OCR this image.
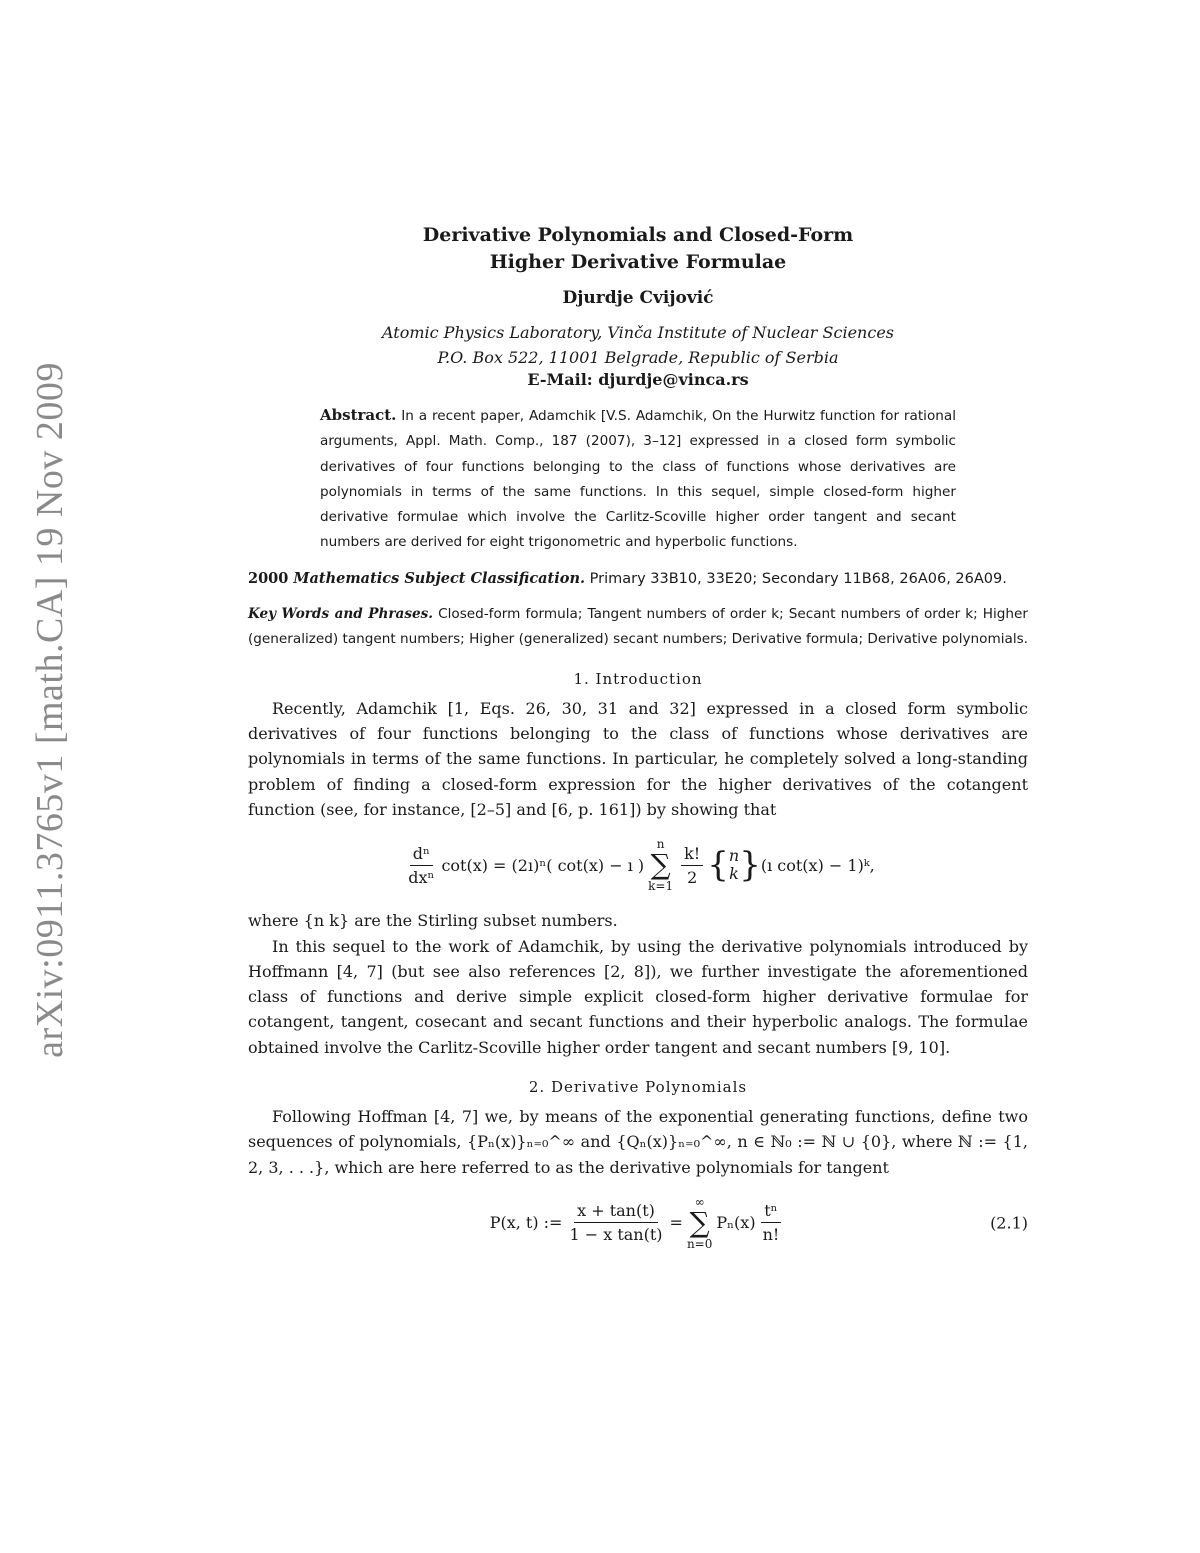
arXiv:0911.3765v1 [math.CA] 19 Nov 2009

Derivative Polynomials and Closed-Form

Higher Derivative Formulae

Djurdje Cvijović
Atomic Physics Laboratory, Vinča Institute of Nuclear Sciences
P.O. Box 522, 11001 Belgrade, Republic of Serbia
E-Mail: djurdje@vinca.rs
Abstract. In a recent paper, Adamchik [V.S. Adamchik, On the Hurwitz function for rational arguments, Appl. Math. Comp., 187 (2007), 3–12] expressed in a closed form symbolic derivatives of four functions belonging to the class of functions whose derivatives are polynomials in terms of the same functions. In this sequel, simple closed-form higher derivative formulae which involve the Carlitz-Scoville higher order tangent and secant numbers are derived for eight trigonometric and hyperbolic functions.
2000 Mathematics Subject Classification. Primary 33B10, 33E20; Secondary 11B68, 26A06, 26A09.
Key Words and Phrases. Closed-form formula; Tangent numbers of order k; Secant numbers of order k; Higher (generalized) tangent numbers; Higher (generalized) secant numbers; Derivative formula; Derivative polynomials.
1. Introduction

Recently, Adamchik [1, Eqs. 26, 30, 31 and 32] expressed in a closed form symbolic derivatives of four functions belonging to the class of functions whose derivatives are polynomials in terms of the same functions. In particular, he completely solved a long-standing problem of finding a closed-form expression for the higher derivatives of the cotangent function (see, for instance, [2–5] and [6, p. 161]) by showing that

$\frac{\text{dⁿ}}{\text{dxⁿ}} \cot(x)$ = (2ı)ⁿ( cot(x) − ı )
n
∑
$k=1 \frac{k!}{2}$ { n
k } (ı cot(x) − 1)ᵏ,

where {n k} are the Stirling subset numbers.

In this sequel to the work of Adamchik, by using the derivative polynomials introduced by Hoffmann [4, 7] (but see also references [2, 8]), we further investigate the aforementioned class of functions and derive simple explicit closed-form higher derivative formulae for cotangent, tangent, cosecant and secant functions and their hyperbolic analogs. The formulae obtained involve the Carlitz-Scoville higher order tangent and secant numbers [9, 10].

2. Derivative Polynomials

Following Hoffman [4, 7] we, by means of the exponential generating functions, define two sequences of polynomials, {Pₙ(x)}ₙ₌₀^∞ and {Qₙ(x)}ₙ₌₀^∞, n ∈ ℕ₀ := ℕ ∪ {0}, where ℕ := {1, 2, 3, . . .}, which are here referred to as the derivative polynomials for tangent

P(x, t) := $\frac{x + \tan(t)}{\text{1 − x tan(t)}}$ =
∞
∑
n=0
$P_n(x) \frac{\text{tⁿ}}{n!}$	(2.1)
